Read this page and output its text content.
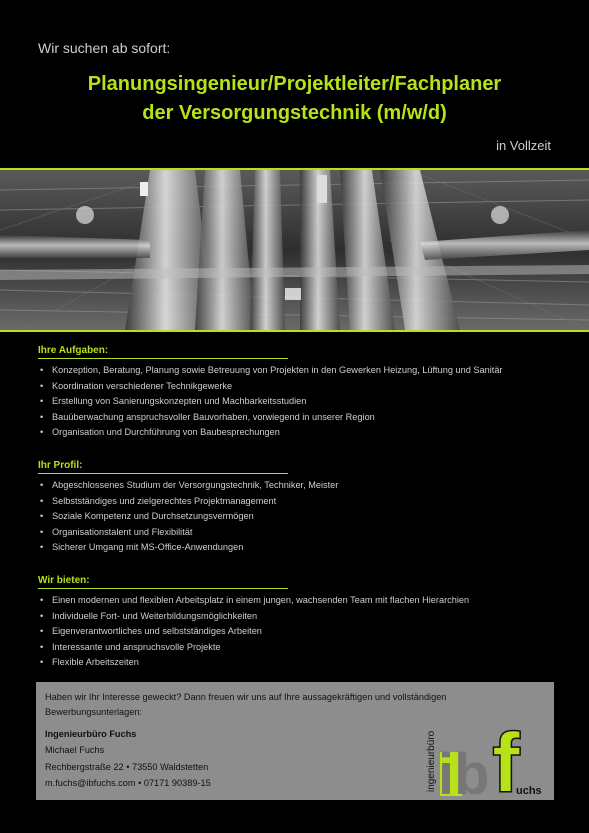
Wir suchen ab sofort:
Planungsingenieur/Projektleiter/Fachplaner
der Versorgungstechnik (m/w/d)
in Vollzeit
Ihre Aufgaben:
• Konzeption, Beratung, Planung sowie Betreuung von Projekten in den Gewerken Heizung, Lüftung und Sanitär
• Koordination verschiedener Technikgewerke
• Erstellung von Sanierungskonzepten und Machbarkeitsstudien
• Bauüberwachung anspruchsvoller Bauvorhaben, vorwiegend in unserer Region
• Organisation und Durchführung von Baubesprechungen
Ihr Profil:
• Abgeschlossenes Studium der Versorgungstechnik, Techniker, Meister
• Selbstständiges und zielgerechtes Projektmanagement
• Soziale Kompetenz und Durchsetzungsvermögen
• Organisationstalent und Flexibilität
• Sicherer Umgang mit MS-Office-Anwendungen
Wir bieten:
• Einen modernen und flexiblen Arbeitsplatz in einem jungen, wachsenden Team mit flachen Hierarchien
• Individuelle Fort- und Weiterbildungsmöglichkeiten
• Eigenverantwortliches und selbstständiges Arbeiten
• Interessante und anspruchsvolle Projekte
• Flexible Arbeitszeiten
Haben wir Ihr Interesse geweckt? Dann freuen wir uns auf Ihre aussagekräftigen und vollständigen Bewerbungsunterlagen:
Ingenieurbüro Fuchs
Michael Fuchs
Rechbergstraße 22 • 73550 Waldstetten
m.fuchs@ibfuchs.com • 07171 90389-15	ingenieurbüro ib f
uchs
